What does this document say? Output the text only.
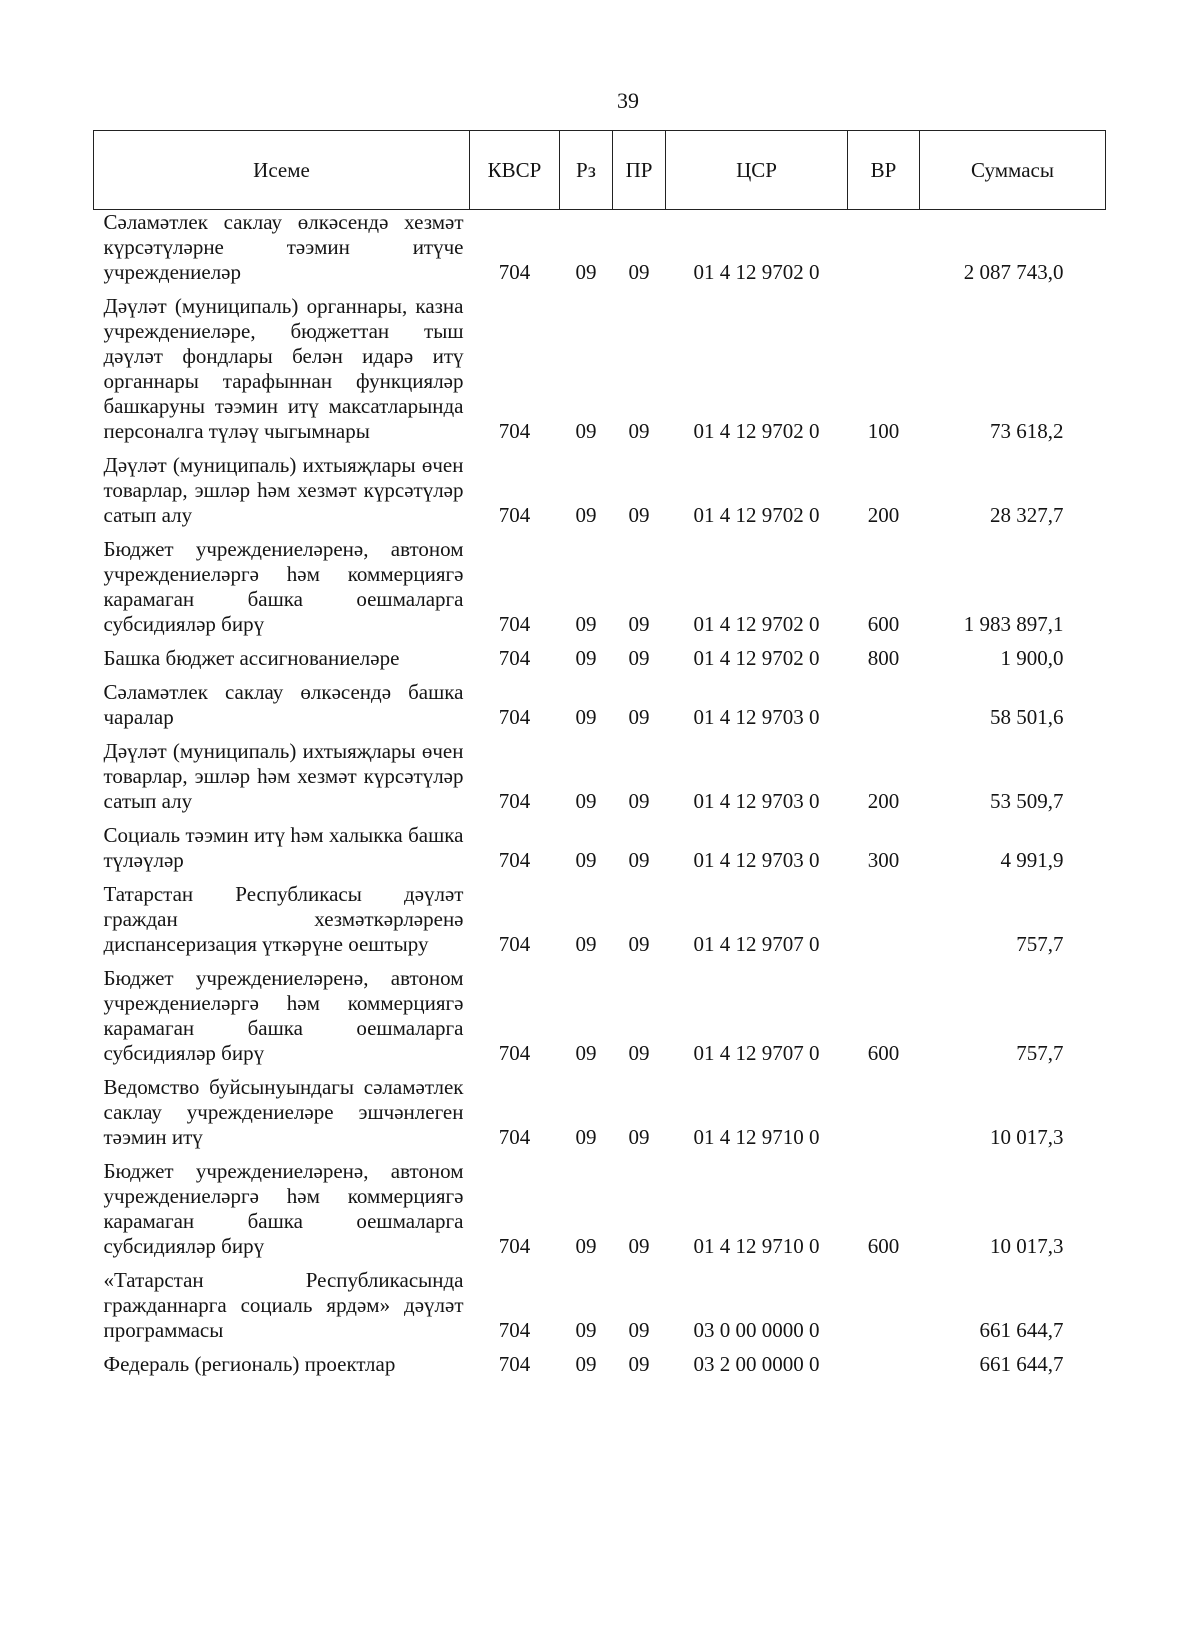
39
Исеме	КВСР	Рз	ПР	ЦСР	ВР	Суммасы
Сәламәтлек саклау өлкәсендә хезмәт күрсәтүләрне тәэмин итүче учреждениеләр	704	09	09	01 4 12 9702 0		2 087 743,0
Дәүләт (муниципаль) органнары, казна учреждениеләре, бюджеттан тыш дәүләт фондлары белән идарә итү органнары тарафыннан функцияләр башкаруны тәэмин итү максатларында персоналга түләү чыгымнары	704	09	09	01 4 12 9702 0	100	73 618,2
Дәүләт (муниципаль) ихтыяҗлары өчен товарлар, эшләр һәм хезмәт күрсәтүләр сатып алу	704	09	09	01 4 12 9702 0	200	28 327,7
Бюджет учреждениеләренә, автоном учреждениеләргә һәм коммерциягә карамаган башка оешмаларга субсидияләр бирү	704	09	09	01 4 12 9702 0	600	1 983 897,1
Башка бюджет ассигнованиеләре	704	09	09	01 4 12 9702 0	800	1 900,0
Сәламәтлек саклау өлкәсендә башка чаралар	704	09	09	01 4 12 9703 0		58 501,6
Дәүләт (муниципаль) ихтыяҗлары өчен товарлар, эшләр һәм хезмәт күрсәтүләр сатып алу	704	09	09	01 4 12 9703 0	200	53 509,7
Социаль тәэмин итү һәм халыкка башка түләүләр	704	09	09	01 4 12 9703 0	300	4 991,9
Татарстан Республикасы дәүләт граждан хезмәткәрләренә диспансеризация үткәрүне оештыру	704	09	09	01 4 12 9707 0		757,7
Бюджет учреждениеләренә, автоном учреждениеләргә һәм коммерциягә карамаган башка оешмаларга субсидияләр бирү	704	09	09	01 4 12 9707 0	600	757,7
Ведомство буйсынуындагы сәламәтлек саклау учреждениеләре эшчәнлеген тәэмин итү	704	09	09	01 4 12 9710 0		10 017,3
Бюджет учреждениеләренә, автоном учреждениеләргә һәм коммерциягә карамаган башка оешмаларга субсидияләр бирү	704	09	09	01 4 12 9710 0	600	10 017,3
«Татарстан Республикасында гражданнарга социаль ярдәм» дәүләт программасы	704	09	09	03 0 00 0000 0		661 644,7
Федераль (региональ) проектлар	704	09	09	03 2 00 0000 0		661 644,7
